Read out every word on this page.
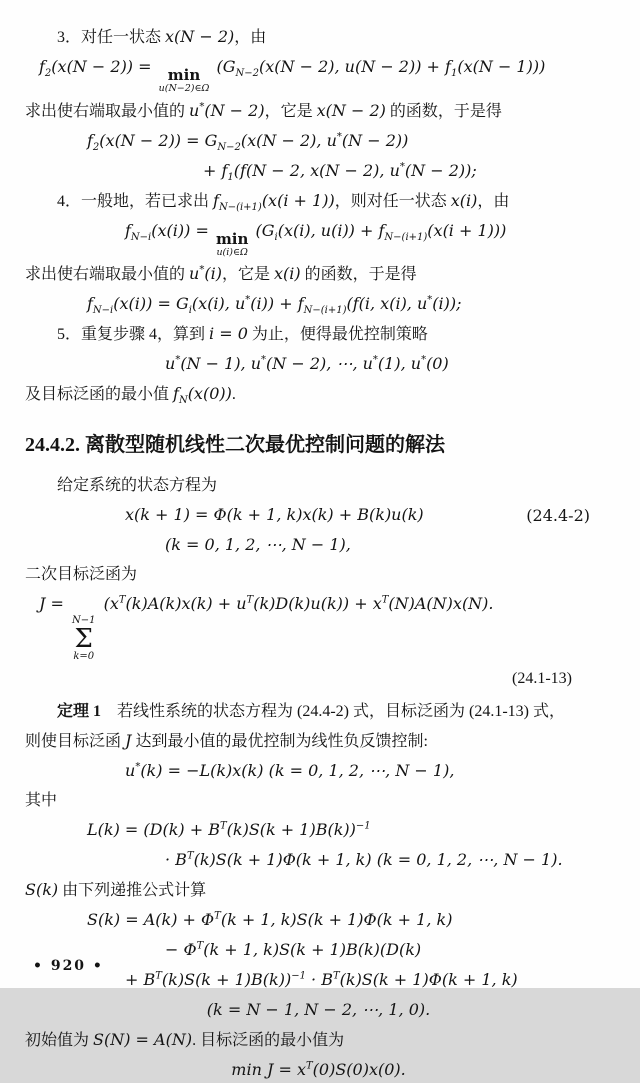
3．对任一状态 x(N − 2)，由
$f_2(x(N - 2)) = \min$
u(N−2)∈Ω
($G_{N-2}(x(N - 2)$, $u(N - 2)) + f_1(x(N - 1))$)
求出使右端取最小值的 u*(N − 2)，它是 x(N − 2) 的函数，于是得
$f_2(x(N - 2)) = G_{N-2}(x(N - 2)$, u*(N − 2))
+ $f_1(f(N - 2$, x(N − 2), u*(N − 2));
4．一般地，若已求出 $f_{N-(i+1)}(x(i + 1))$，则对任一状态 x(i)，由
$f_{N-i}(x(i)) = \min$
u(i)∈Ω
($G_i(x(i)$, $u(i)) + f_{N-(i+1)}(x(i + 1))$)
求出使右端取最小值的 u*(i)，它是 x(i) 的函数，于是得
$f_{N-i}(x(i)) = G_i(x(i)$, $u^*(i)) + f_{N-(i+1)}(f(i$, x(i), u*(i));
5．重复步骤 4，算到 i = 0 为止，便得最优控制策略
u*(N − 1), u*(N − 2), ⋯, u*(1), u*(0)
及目标泛函的最小值 $f_N(x(0))$.
24.4.2. 离散型随机线性二次最优控制问题的解法
给定系统的状态方程为
x(k + 1) = Φ(k + 1, k)x(k) + B(k)u(k)	(24.4-2)
(k = 0, 1, 2, ⋯, N − 1),
二次目标泛函为
J =
N−1
Σ
k=0
$(x^T(k)A(k)x(k) + u^T(k)D(k)u(k)) + x^T(N)A(N)x(N)$.
(24.1-13)
定理 1　若线性系统的状态方程为 (24.4-2) 式，目标泛函为 (24.1-13) 式，
则使目标泛函 J 达到最小值的最优控制为线性负反馈控制:
u*(k) = −L(k)x(k) (k = 0, 1, 2, ⋯, N − 1),
其中
$L(k) = (D(k) + B^T(k)S(k + 1)B(k))^{-1}$
· $B^T(k)S(k + 1)\Phi(k + 1$, k) (k = 0, 1, 2, ⋯, N − 1).
S(k) 由下列递推公式计算
$S(k) = A(k) + \Phi^T(k + 1$, k)S(k + 1)Φ(k + 1, k)
− $\Phi^T(k + 1$, k)S(k + 1)B(k)(D(k)
+ $B^T(k)S(k + 1)B(k))^{-1} \cdot B^T(k)S(k + 1)\Phi(k + 1$, k)
(k = N − 1, N − 2, ⋯, 1, 0).
初始值为 S(N) = A(N). 目标泛函的最小值为
$\min J = x^T(0)S(0)x(0)$.
• 920 •
